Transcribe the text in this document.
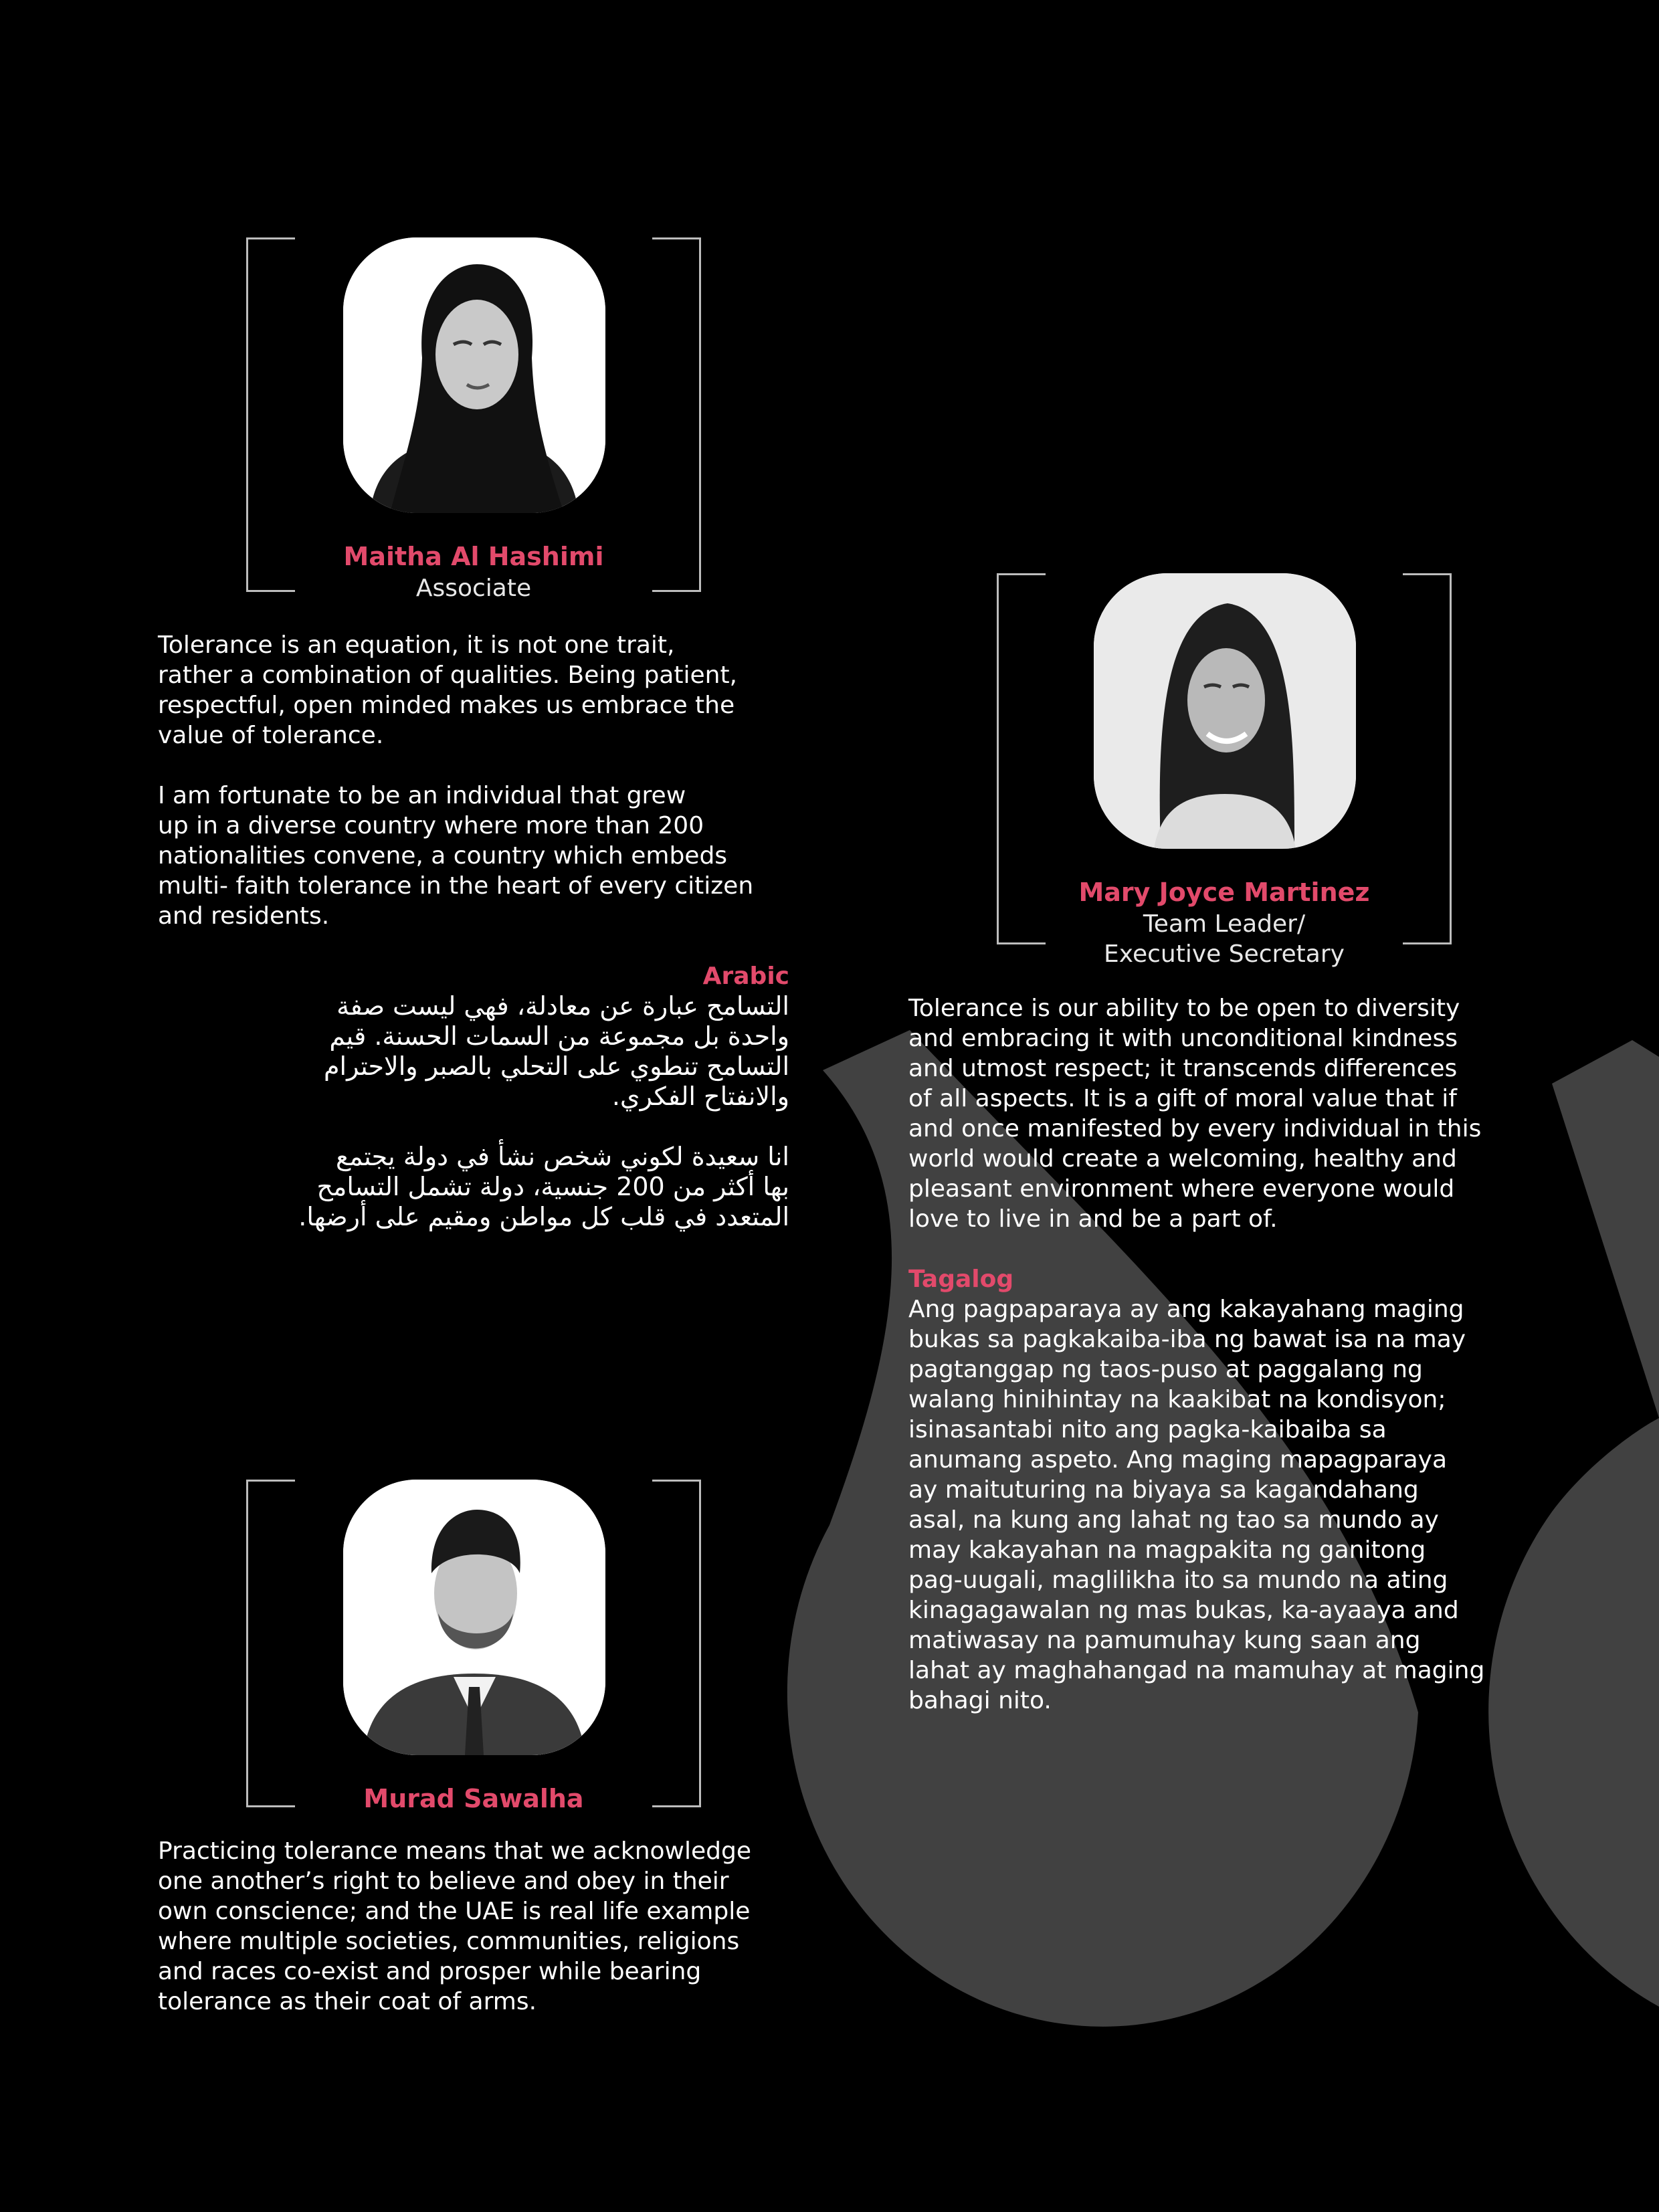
Maitha Al Hashimi
Associate

Tolerance is an equation, it is not one trait,
rather a combination of qualities. Being patient,
respectful, open minded makes us embrace the
value of tolerance.

I am fortunate to be an individual that grew
up in a diverse country where more than 200
nationalities convene, a country which embeds
multi- faith tolerance in the heart of every citizen
and residents.

Arabic

التسامح عبارة عن معادلة، فهي ليست صفة
واحدة بل مجموعة من السمات الحسنة. قيم
التسامح تنطوي على التحلي بالصبر والاحترام
والانفتاح الفكري.

انا سعيدة لكوني شخص نشأ في دولة يجتمع
بها أكثر من 200 جنسية، دولة تشمل التسامح
المتعدد في قلب كل مواطن ومقيم على أرضها.

Mary Joyce Martinez
Team Leader/
Executive Secretary

Tolerance is our ability to be open to diversity
and embracing it with unconditional kindness
and utmost respect; it transcends differences
of all aspects. It is a gift of moral value that if
and once manifested by every individual in this
world would create a welcoming, healthy and
pleasant environment where everyone would
love to live in and be a part of.

Tagalog

Ang pagpaparaya ay ang kakayahang maging
bukas sa pagkakaiba-iba ng bawat isa na may
pagtanggap ng taos-puso at paggalang ng
walang hinihintay na kaakibat na kondisyon;
isinasantabi nito ang pagka-kaibaiba sa
anumang aspeto. Ang maging mapagparaya
ay maituturing na biyaya sa kagandahang
asal, na kung ang lahat ng tao sa mundo ay
may kakayahan na magpakita ng ganitong
pag-uugali, maglilikha ito sa mundo na ating
kinagagawalan ng mas bukas, ka-ayaaya and
matiwasay na pamumuhay kung saan ang
lahat ay maghahangad na mamuhay at maging
bahagi nito.

Murad Sawalha

Practicing tolerance means that we acknowledge
one another’s right to believe and obey in their
own conscience; and the UAE is real life example
where multiple societies, communities, religions
and races co-exist and prosper while bearing
tolerance as their coat of arms.
